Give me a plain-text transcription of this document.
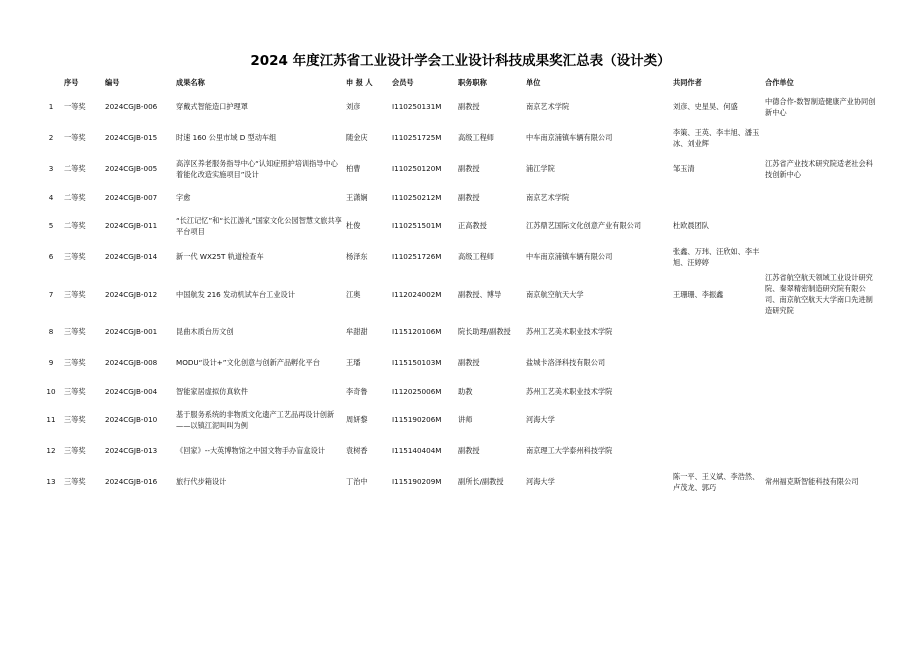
2024 年度江苏省工业设计学会工业设计科技成果奖汇总表（设计类）
	序号	编号	成果名称	申 报 人	会员号	职务职称	单位	共同作者	合作单位
1	一等奖	2024CGJB-006	穿戴式智能造口护理罩	刘彦	I110250131M	副教授	南京艺术学院	刘彦、史星昊、何盛	中德合作-数智制造健康产业协同创新中心
2	一等奖	2024CGJB-015	时速 160 公里市域 D 型动车组	随金庆	I110251725M	高级工程师	中车南京浦镇车辆有限公司	李策、王英、李丰旭、潘玉冰、刘业辉	
3	二等奖	2024CGJB-005	高淳区养老服务指导中心“认知症照护培训指导中心着能化改造实施项目”设计	柏曹	I110250120M	副教授	浦江学院	邹玉清	江苏省产业技术研究院适老社会科技创新中心
4	二等奖	2024CGJB-007	字愈	王潇娴	I110250212M	副教授	南京艺术学院		
5	二等奖	2024CGJB-011	“长江记忆”和“长江游礼”国家文化公园智慧文旅共享平台项目	杜俊	I110251501M	正高教授	江苏鼎艺国际文化创意产业有限公司	杜欧晨团队	
6	三等奖	2024CGJB-014	新一代 WX25T 轨道检查车	杨泽东	I110251726M	高级工程师	中车南京浦镇车辆有限公司	张鑫、万玮、汪欣如、李丰旭、汪婷婷	
7	三等奖	2024CGJB-012	中国航发 216 发动机试车台工业设计	江奥	I112024002M	副教授、博导	南京航空航天大学	王珊珊、李振鑫	江苏省航空航天领域工业设计研究院、秦翠精密制造研究院有限公司、南京航空航天大学南口先进制造研究院
8	三等奖	2024CGJB-001	昆曲木质台历文创	牟甜甜	I115120106M	院长助理/副教授	苏州工艺美术职业技术学院		
9	三等奖	2024CGJB-008	MODU“设计+”文化创意与创新产品孵化平台	王璠	I115150103M	副教授	盐城卡洛泽科技有限公司		
10	三等奖	2024CGJB-004	智能家居虚拟仿真软件	李奇鲁	I112025006M	助教	苏州工艺美术职业技术学院		
11	三等奖	2024CGJB-010	基于服务系统的非物质文化遗产工艺品再设计创新——以镇江泥叫叫为例	周妍黎	I115190206M	讲师	河海大学		
12	三等奖	2024CGJB-013	《回家》--大英博物馆之中国文物手办盲盒设计	袁树香	I115140404M	副教授	南京理工大学泰州科技学院		
13	三等奖	2024CGJB-016	旅行代步箱设计	丁治中	I115190209M	副所长/副教授	河海大学	陈一平、王义斌、李浩然、卢茂龙、郭巧	常州福克斯智能科技有限公司
